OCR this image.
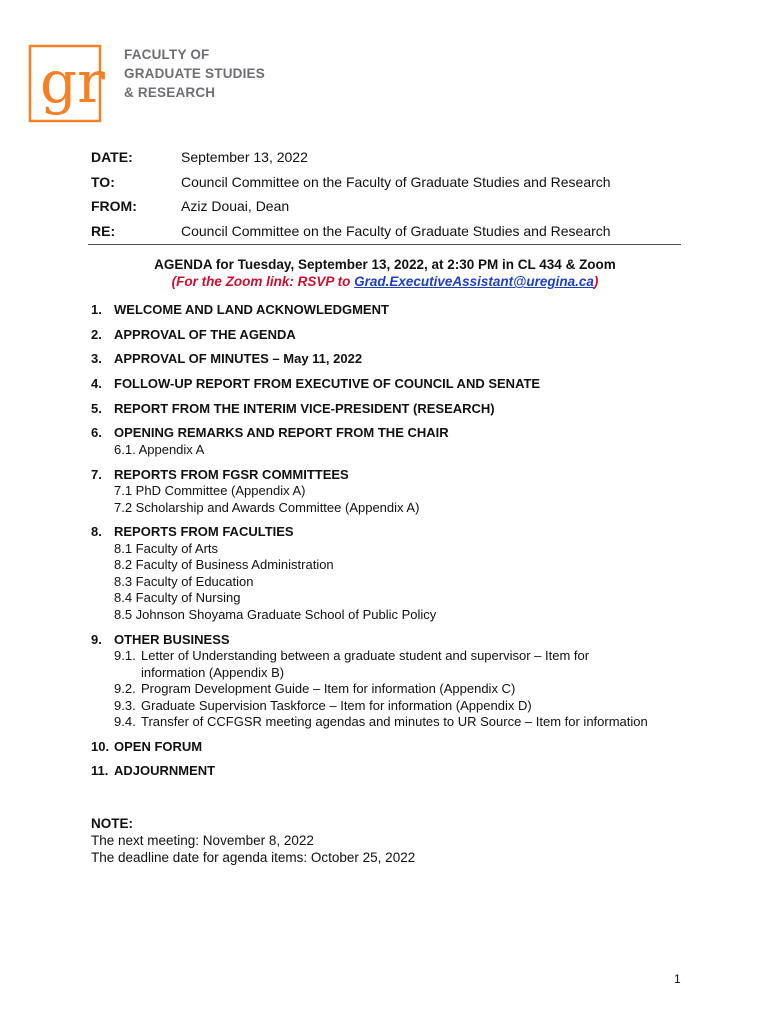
gr FACULTY OF
GRADUATE STUDIES
& RESEARCH
DATE:	September 13, 2022
TO:	Council Committee on the Faculty of Graduate Studies and Research
FROM:	Aziz Douai, Dean
RE:	Council Committee on the Faculty of Graduate Studies and Research
AGENDA for Tuesday, September 13, 2022, at 2:30 PM in CL 434 & Zoom
(For the Zoom link: RSVP to Grad.ExecutiveAssistant@uregina.ca)
1. WELCOME AND LAND ACKNOWLEDGMENT
2. APPROVAL OF THE AGENDA
3. APPROVAL OF MINUTES – May 11, 2022
4. FOLLOW-UP REPORT FROM EXECUTIVE OF COUNCIL AND SENATE
5. REPORT FROM THE INTERIM VICE-PRESIDENT (RESEARCH)
6. OPENING REMARKS AND REPORT FROM THE CHAIR
6.1. Appendix A
7. REPORTS FROM FGSR COMMITTEES
7.1 PhD Committee (Appendix A)
7.2 Scholarship and Awards Committee (Appendix A)
8. REPORTS FROM FACULTIES
8.1 Faculty of Arts
8.2 Faculty of Business Administration
8.3 Faculty of Education
8.4 Faculty of Nursing
8.5 Johnson Shoyama Graduate School of Public Policy
9. OTHER BUSINESS
9.1. Letter of Understanding between a graduate student and supervisor – Item for information (Appendix B)
9.2. Program Development Guide – Item for information (Appendix C)
9.3. Graduate Supervision Taskforce – Item for information (Appendix D)
9.4. Transfer of CCFGSR meeting agendas and minutes to UR Source – Item for information
10. OPEN FORUM
11. ADJOURNMENT
NOTE:
The next meeting: November 8, 2022
The deadline date for agenda items: October 25, 2022
1
